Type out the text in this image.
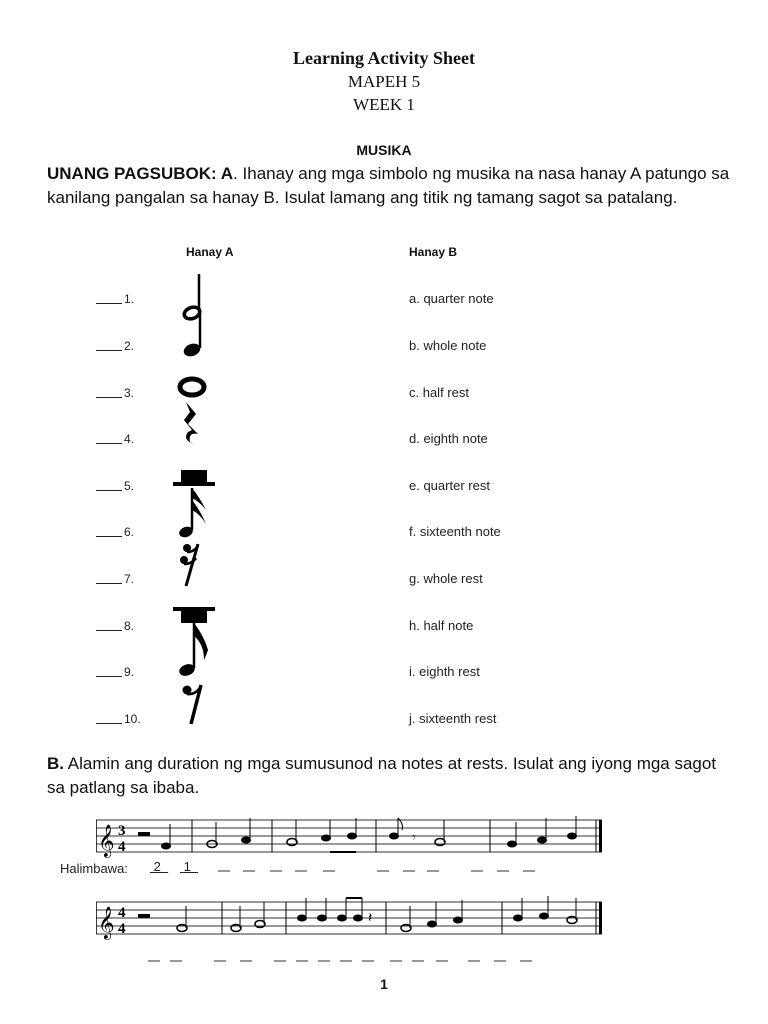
Learning Activity Sheet
MAPEH 5
WEEK 1
MUSIKA
UNANG PAGSUBOK: A. Ihanay ang mga simbolo ng musika na nasa hanay A patungo sa kanilang pangalan sa hanay B. Isulat lamang ang titik ng tamang sagot sa patalang.
Hanay A	Hanay B
1.
2.
3.
4.
5.
6.
7.
8.
9.
10.
a. quarter note
b. whole note
c. half rest
d. eighth note
e. quarter rest
f. sixteenth note
g. whole rest
h. half note
i. eighth rest
j. sixteenth rest
B. Alamin ang duration ng mga sumusunod na notes at rests. Isulat ang iyong mga sagot sa patlang sa ibaba.
𝄞 3
4
𝄾
Halimbawa: 2	1
𝄞 4
4
𝄽
1
